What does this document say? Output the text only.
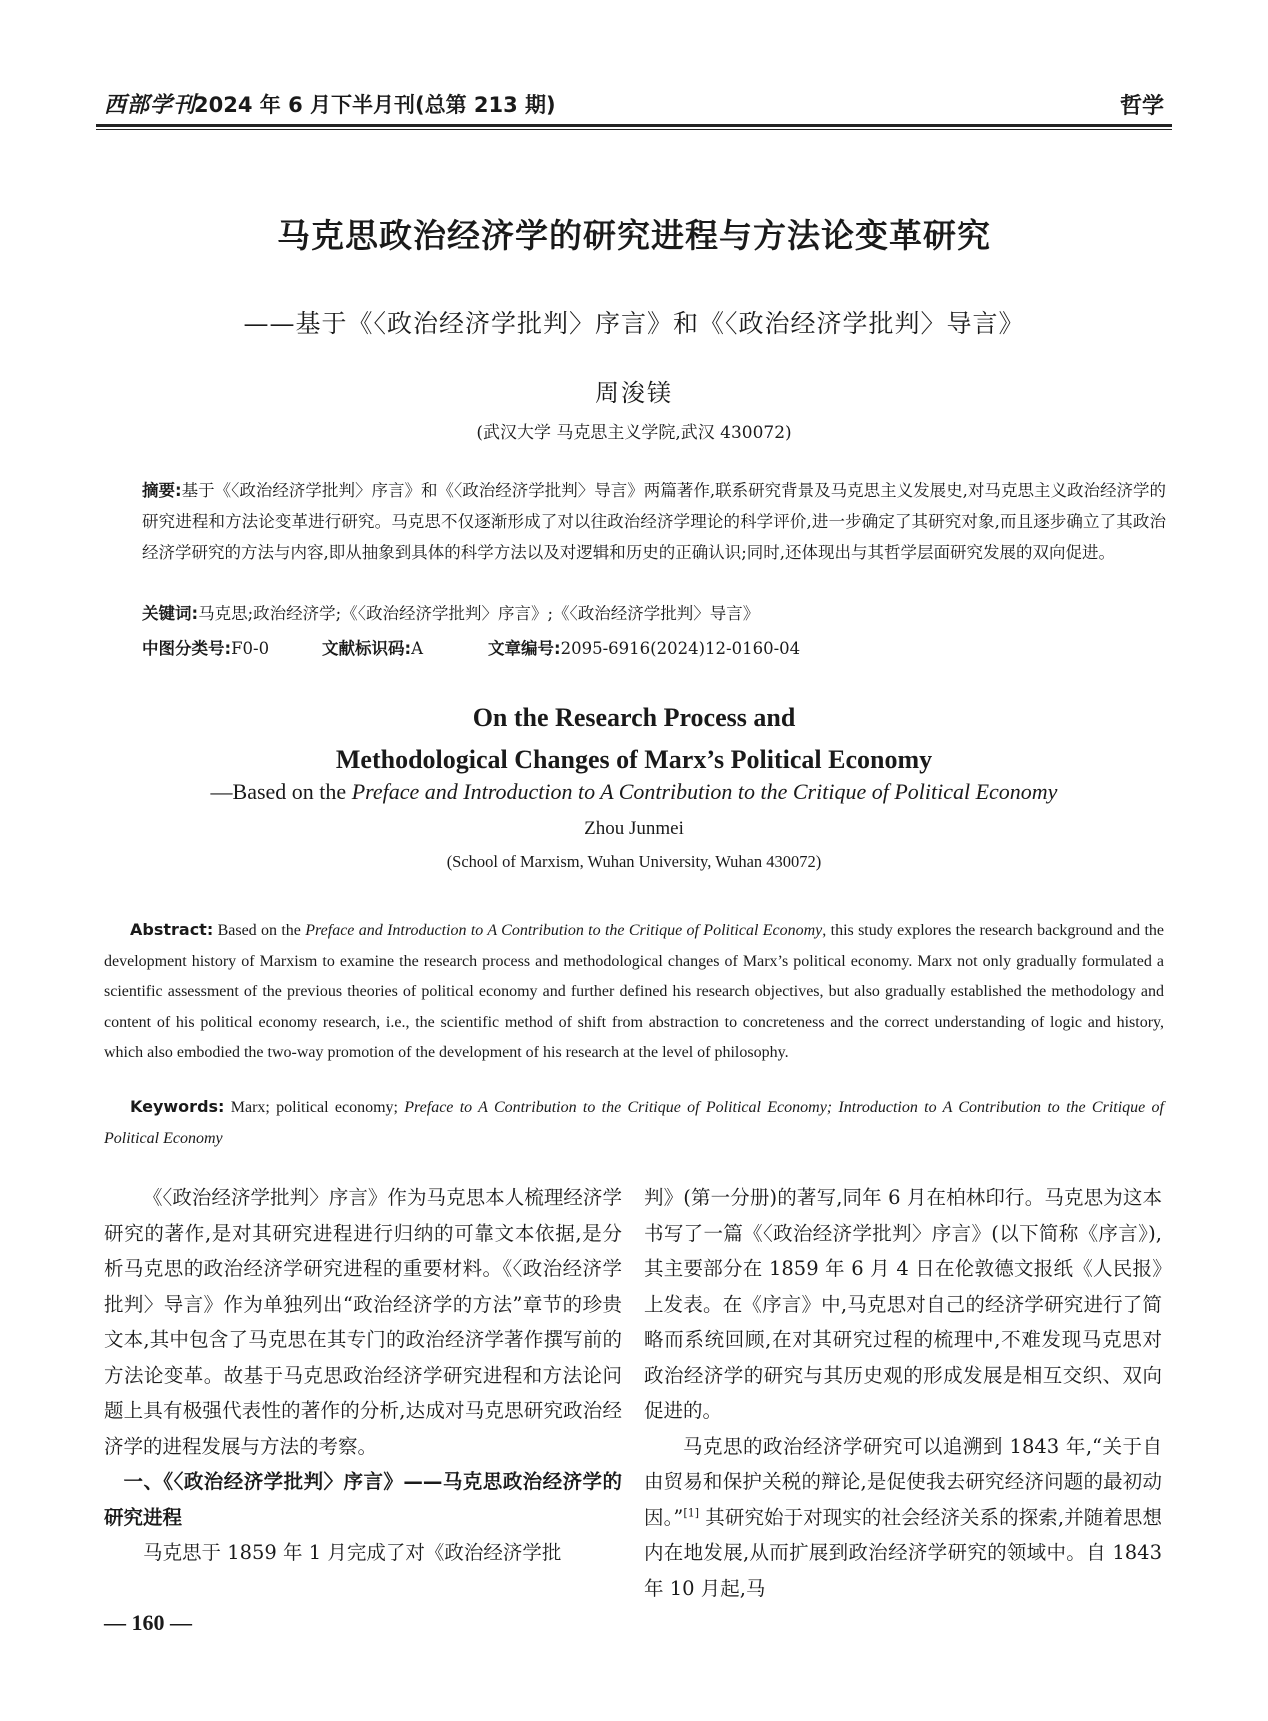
西部学刊
2024 年 6 月下半月刊(总第 213 期)	哲学
马克思政治经济学的研究进程与方法论变革研究
——基于《〈政治经济学批判〉序言》和《〈政治经济学批判〉导言》
周浚镁
(武汉大学 马克思主义学院,武汉 430072)
摘要:基于《〈政治经济学批判〉序言》和《〈政治经济学批判〉导言》两篇著作,联系研究背景及马克思主义发展史,对马克思主义政治经济学的研究进程和方法论变革进行研究。马克思不仅逐渐形成了对以往政治经济学理论的科学评价,进一步确定了其研究对象,而且逐步确立了其政治经济学研究的方法与内容,即从抽象到具体的科学方法以及对逻辑和历史的正确认识;同时,还体现出与其哲学层面研究发展的双向促进。
关键词:马克思;政治经济学;《〈政治经济学批判〉序言》;《〈政治经济学批判〉导言》
中图分类号:F0-0	文献标识码:A	文章编号:2095-6916(2024)12-0160-04
On the Research Process and
Methodological Changes of Marx’s Political Economy
—Based on the Preface and Introduction to A Contribution to the Critique of Political Economy
Zhou Junmei
(School of Marxism, Wuhan University, Wuhan 430072)
Abstract: Based on the Preface and Introduction to A Contribution to the Critique of Political Economy, this study explores the research background and the development history of Marxism to examine the research process and methodological changes of Marx’s political economy. Marx not only gradually formulated a scientific assessment of the previous theories of political economy and further defined his research objectives, but also gradually established the methodology and content of his political economy research, i.e., the scientific method of shift from abstraction to concreteness and the correct understanding of logic and history, which also embodied the two-way promotion of the development of his research at the level of philosophy.
Keywords: Marx; political economy; Preface to A Contribution to the Critique of Political Economy; Introduction to A Contribution to the Critique of Political Economy

《〈政治经济学批判〉序言》作为马克思本人梳理经济学研究的著作,是对其研究进程进行归纳的可靠文本依据,是分析马克思的政治经济学研究进程的重要材料。《〈政治经济学批判〉导言》作为单独列出“政治经济学的方法”章节的珍贵文本,其中包含了马克思在其专门的政治经济学著作撰写前的方法论变革。故基于马克思政治经济学研究进程和方法论问题上具有极强代表性的著作的分析,达成对马克思研究政治经济学的进程发展与方法的考察。

一、《〈政治经济学批判〉序言》——马克思政治经济学的研究进程

马克思于 1859 年 1 月完成了对《政治经济学批

判》(第一分册)的著写,同年 6 月在柏林印行。马克思为这本书写了一篇《〈政治经济学批判〉序言》(以下简称《序言》),其主要部分在 1859 年 6 月 4 日在伦敦德文报纸《人民报》上发表。在《序言》中,马克思对自己的经济学研究进行了简略而系统回顾,在对其研究过程的梳理中,不难发现马克思对政治经济学的研究与其历史观的形成发展是相互交织、双向促进的。

马克思的政治经济学研究可以追溯到 1843 年,“关于自由贸易和保护关税的辩论,是促使我去研究经济问题的最初动因。”[1] 其研究始于对现实的社会经济关系的探索,并随着思想内在地发展,从而扩展到政治经济学研究的领域中。自 1843 年 10 月起,马

— 160 —
